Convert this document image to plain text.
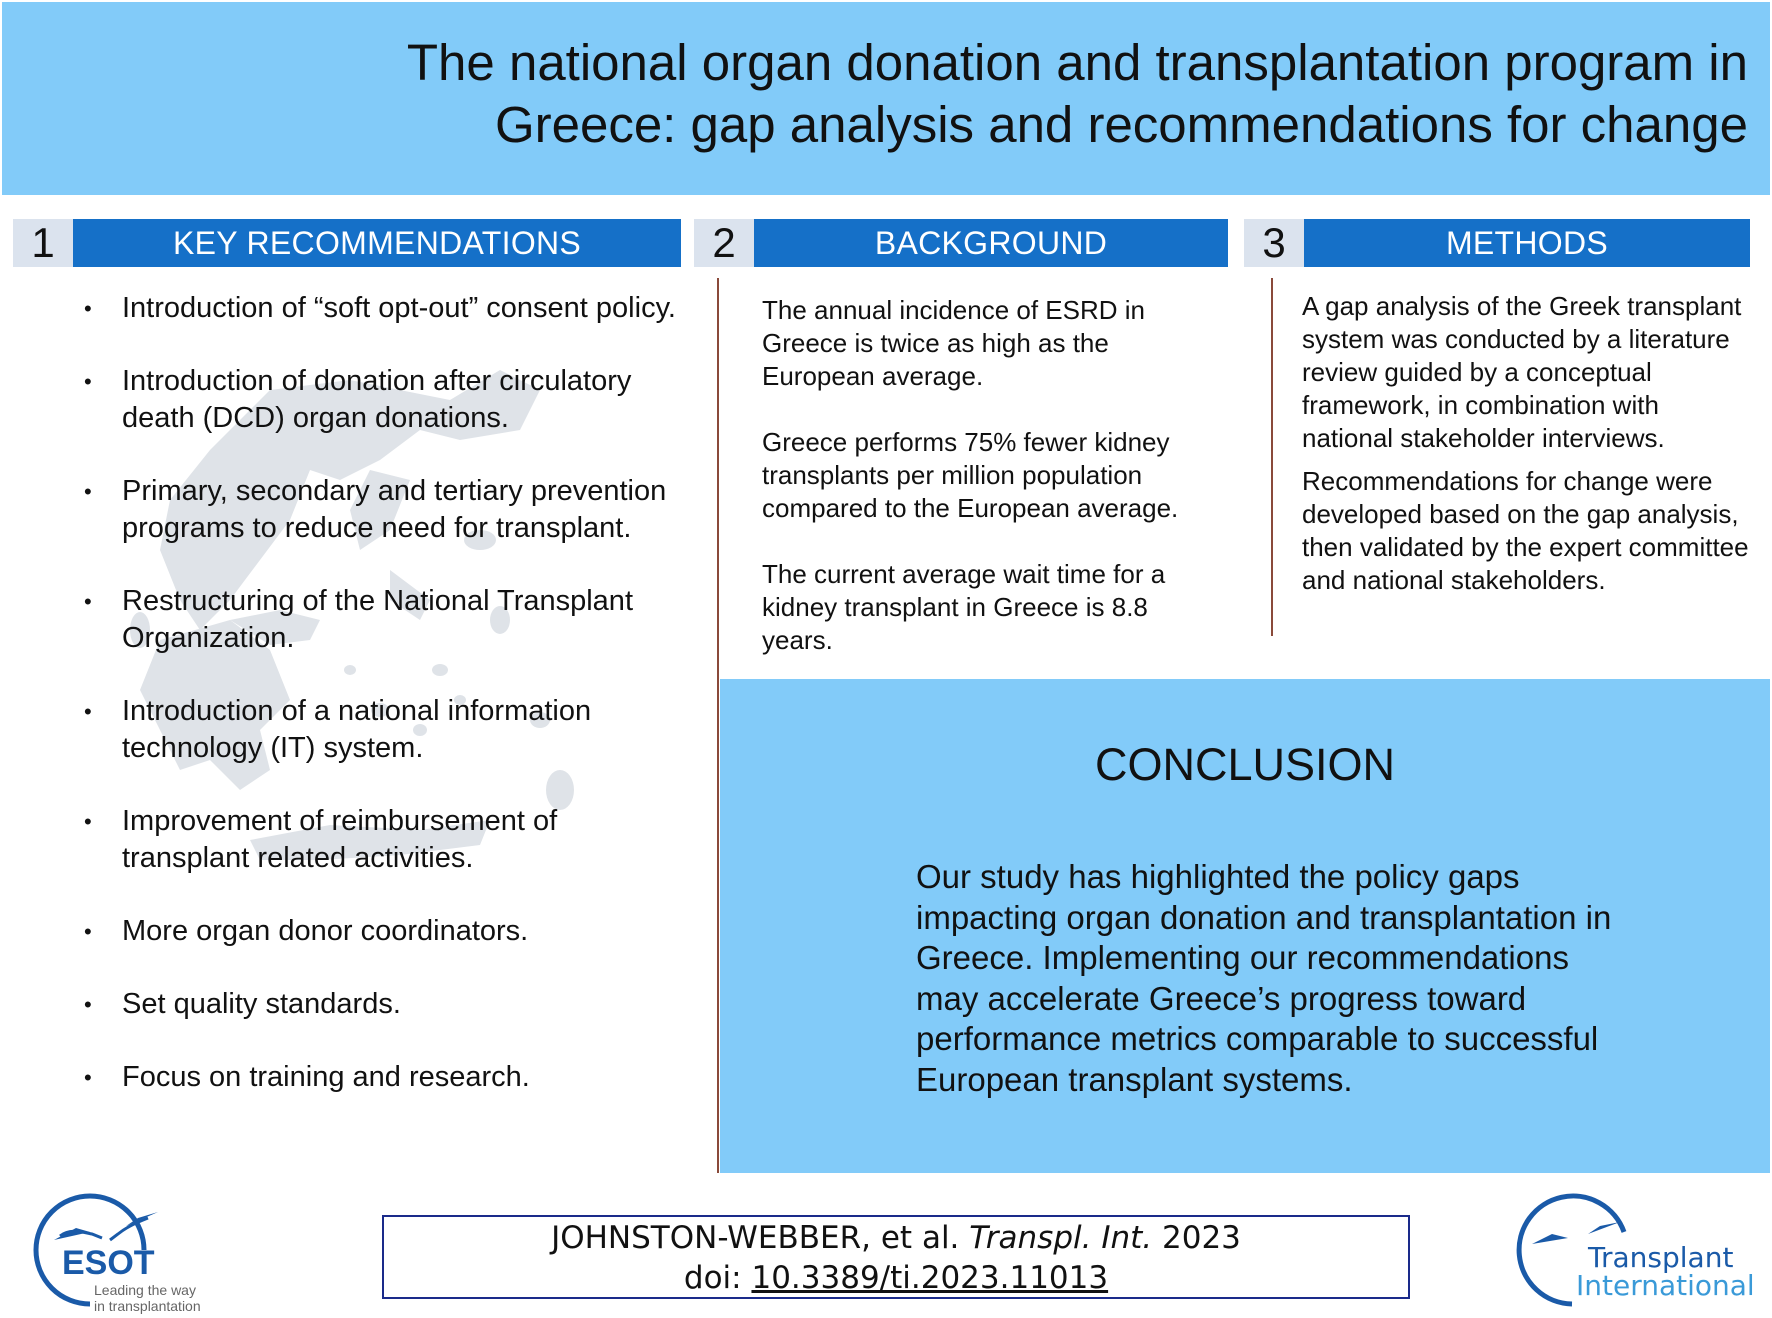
The national organ donation and transplantation program in
Greece: gap analysis and recommendations for change
1	KEY RECOMMENDATIONS	2	BACKGROUND	3	METHODS
• Introduction of “soft opt-out” consent policy.
• Introduction of donation after circulatory death (DCD) organ donations.
• Primary, secondary and tertiary prevention programs to reduce need for transplant.
• Restructuring of the National Transplant Organization.
• Introduction of a national information technology (IT) system.
• Improvement of reimbursement of transplant related activities.
• More organ donor coordinators.
• Set quality standards.
• Focus on training and research.

The annual incidence of ESRD in Greece is twice as high as the European average.

Greece performs 75% fewer kidney transplants per million population compared to the European average.

The current average wait time for a kidney transplant in Greece is 8.8 years.

A gap analysis of the Greek transplant system was conducted by a literature review guided by a conceptual framework, in combination with national stakeholder interviews.

Recommendations for change were developed based on the gap analysis, then validated by the expert committee and national stakeholders.

CONCLUSION
Our study has highlighted the policy gaps impacting organ donation and transplantation in Greece. Implementing our recommendations may accelerate Greece’s progress toward performance metrics comparable to successful European transplant systems.
ESOT
Leading the way
in transplantation
JOHNSTON-WEBBER, et al. Transpl. Int. 2023
doi: 10.3389/ti.2023.11013
Transplant
International
